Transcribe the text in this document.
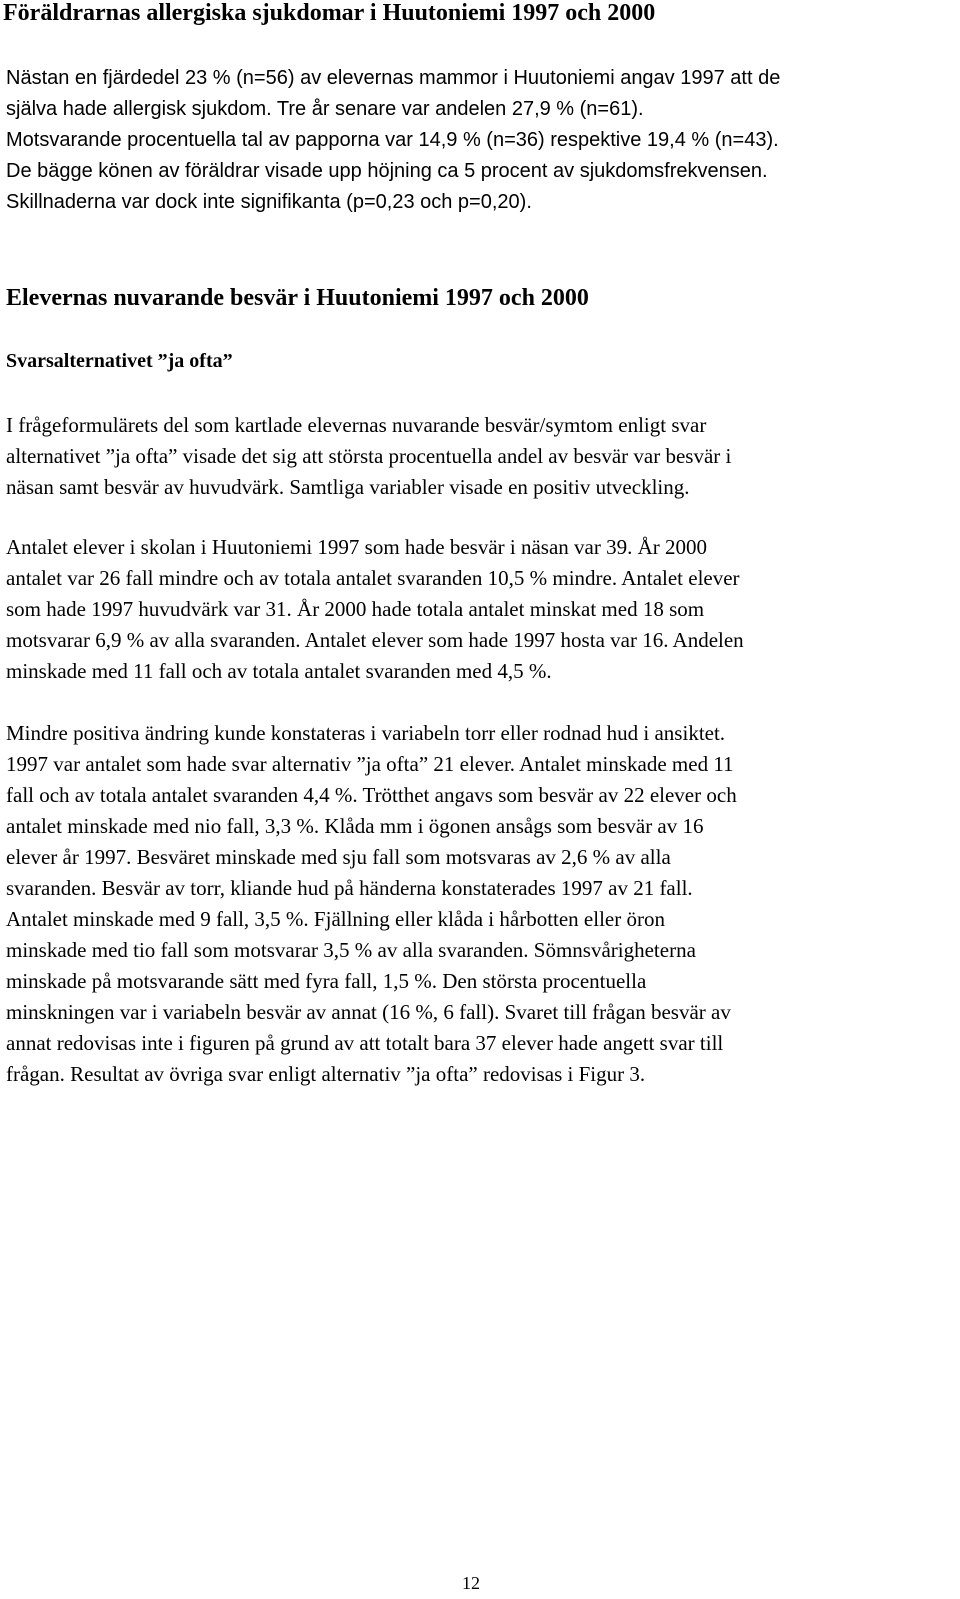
Föräldrarnas allergiska sjukdomar i Huutoniemi 1997 och 2000

Nästan en fjärdedel 23 % (n=56) av elevernas mammor i Huutoniemi angav 1997 att de
själva hade allergisk sjukdom. Tre år senare var andelen 27,9 % (n=61).
Motsvarande procentuella tal av papporna var 14,9 % (n=36) respektive 19,4 % (n=43).
De bägge könen av föräldrar visade upp höjning ca 5 procent av sjukdomsfrekvensen.
Skillnaderna var dock inte signifikanta (p=0,23 och p=0,20).

Elevernas nuvarande besvär i Huutoniemi 1997 och 2000
Svarsalternativet ”ja ofta”

I frågeformulärets del som kartlade elevernas nuvarande besvär/symtom enligt svar
alternativet ”ja ofta” visade det sig att största procentuella andel av besvär var besvär i
näsan samt besvär av huvudvärk. Samtliga variabler visade en positiv utveckling.

Antalet elever i skolan i Huutoniemi 1997 som hade besvär i näsan var 39. År 2000
antalet var 26 fall mindre och av totala antalet svaranden 10,5 % mindre. Antalet elever
som hade 1997 huvudvärk var 31. År 2000 hade totala antalet minskat med 18 som
motsvarar 6,9 % av alla svaranden. Antalet elever som hade 1997 hosta var 16. Andelen
minskade med 11 fall och av totala antalet svaranden med 4,5 %.

Mindre positiva ändring kunde konstateras i variabeln torr eller rodnad hud i ansiktet.
1997 var antalet som hade svar alternativ ”ja ofta” 21 elever. Antalet minskade med 11
fall och av totala antalet svaranden 4,4 %. Trötthet angavs som besvär av 22 elever och
antalet minskade med nio fall, 3,3 %. Klåda mm i ögonen ansågs som besvär av 16
elever år 1997. Besväret minskade med sju fall som motsvaras av 2,6 % av alla
svaranden. Besvär av torr, kliande hud på händerna konstaterades 1997 av 21 fall.
Antalet minskade med 9 fall, 3,5 %. Fjällning eller klåda i hårbotten eller öron
minskade med tio fall som motsvarar 3,5 % av alla svaranden. Sömnsvårigheterna
minskade på motsvarande sätt med fyra fall, 1,5 %. Den största procentuella
minskningen var i variabeln besvär av annat (16 %, 6 fall). Svaret till frågan besvär av
annat redovisas inte i figuren på grund av att totalt bara 37 elever hade angett svar till
frågan. Resultat av övriga svar enligt alternativ ”ja ofta” redovisas i Figur 3.

12
